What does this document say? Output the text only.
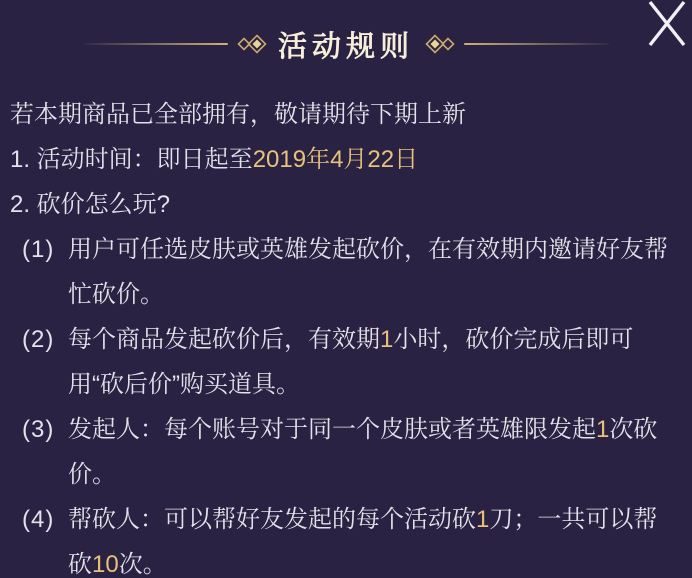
活动规则
若本期商品已全部拥有，敬请期待下期上新
1. 活动时间：即日起至2019年4月22日
2. 砍价怎么玩?
(1) 用户可任选皮肤或英雄发起砍价，在有效期内邀请好友帮
忙砍价。
(2) 每个商品发起砍价后，有效期1小时，砍价完成后即可
用“砍后价”购买道具。
(3) 发起人：每个账号对于同一个皮肤或者英雄限发起1次砍
价。
(4) 帮砍人：可以帮好友发起的每个活动砍1刀；一共可以帮
砍10次。
